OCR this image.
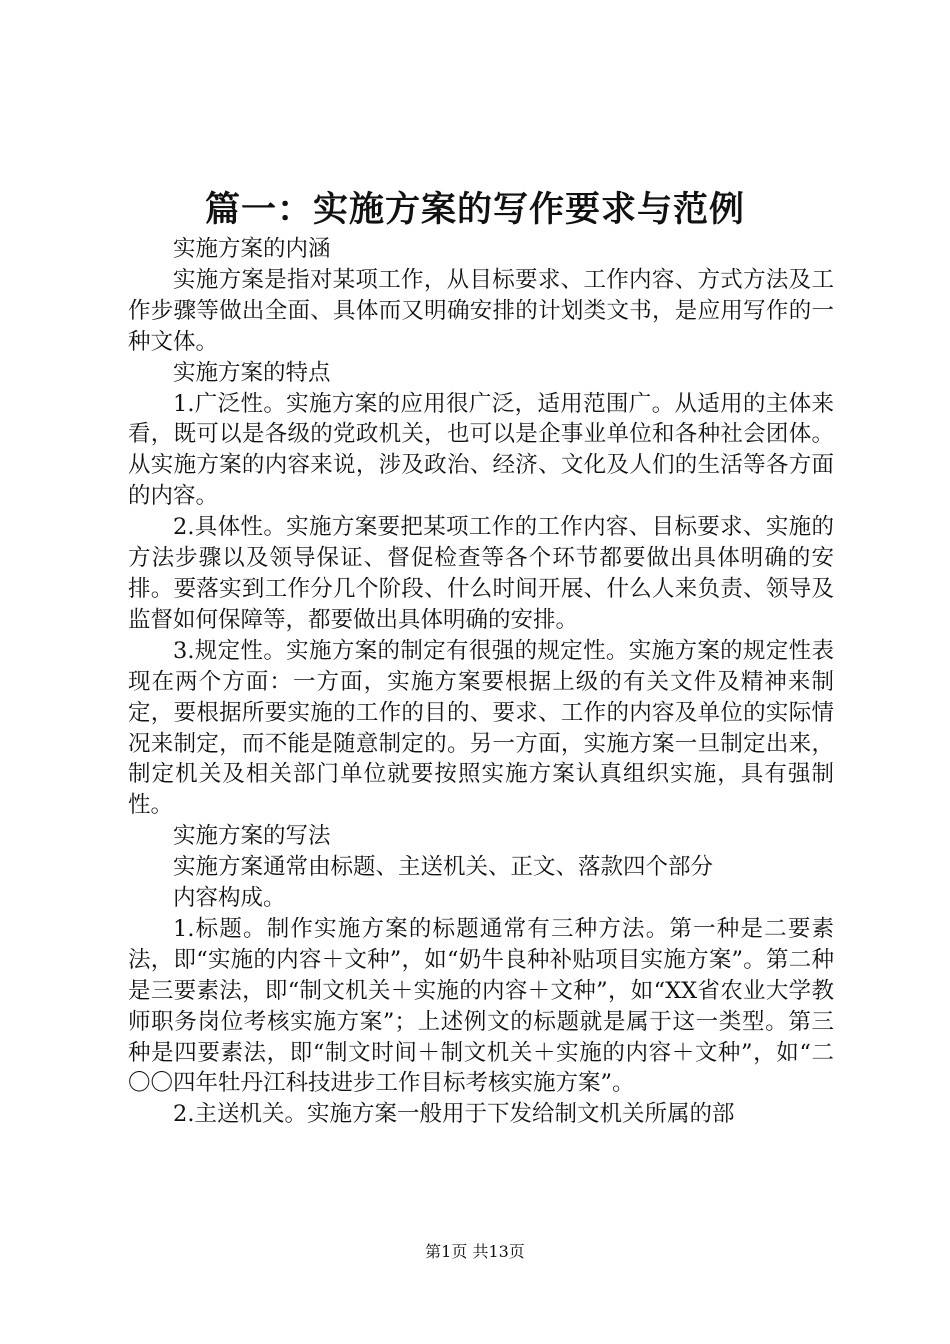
篇一：实施方案的写作要求与范例

实施方案的内涵

实施方案是指对某项工作，从目标要求、工作内容、方式方法及工作步骤等做出全面、具体而又明确安排的计划类文书，是应用写作的一种文体。

实施方案的特点

1.广泛性。实施方案的应用很广泛，适用范围广。从适用的主体来看，既可以是各级的党政机关，也可以是企事业单位和各种社会团体。从实施方案的内容来说，涉及政治、经济、文化及人们的生活等各方面的内容。

2.具体性。实施方案要把某项工作的工作内容、目标要求、实施的方法步骤以及领导保证、督促检查等各个环节都要做出具体明确的安排。要落实到工作分几个阶段、什么时间开展、什么人来负责、领导及监督如何保障等，都要做出具体明确的安排。

3.规定性。实施方案的制定有很强的规定性。实施方案的规定性表现在两个方面：一方面，实施方案要根据上级的有关文件及精神来制定，要根据所要实施的工作的目的、要求、工作的内容及单位的实际情况来制定，而不能是随意制定的。另一方面，实施方案一旦制定出来，制定机关及相关部门单位就要按照实施方案认真组织实施，具有强制性。

实施方案的写法

实施方案通常由标题、主送机关、正文、落款四个部分

内容构成。

1.标题。制作实施方案的标题通常有三种方法。第一种是二要素法，即“实施的内容＋文种”，如“奶牛良种补贴项目实施方案”。第二种是三要素法，即“制文机关＋实施的内容＋文种”，如“XX省农业大学教师职务岗位考核实施方案”；上述例文的标题就是属于这一类型。第三种是四要素法，即“制文时间＋制文机关＋实施的内容＋文种”，如“二〇〇四年牡丹江科技进步工作目标考核实施方案”。

2.主送机关。实施方案一般用于下发给制文机关所属的部

第1页 共13页
